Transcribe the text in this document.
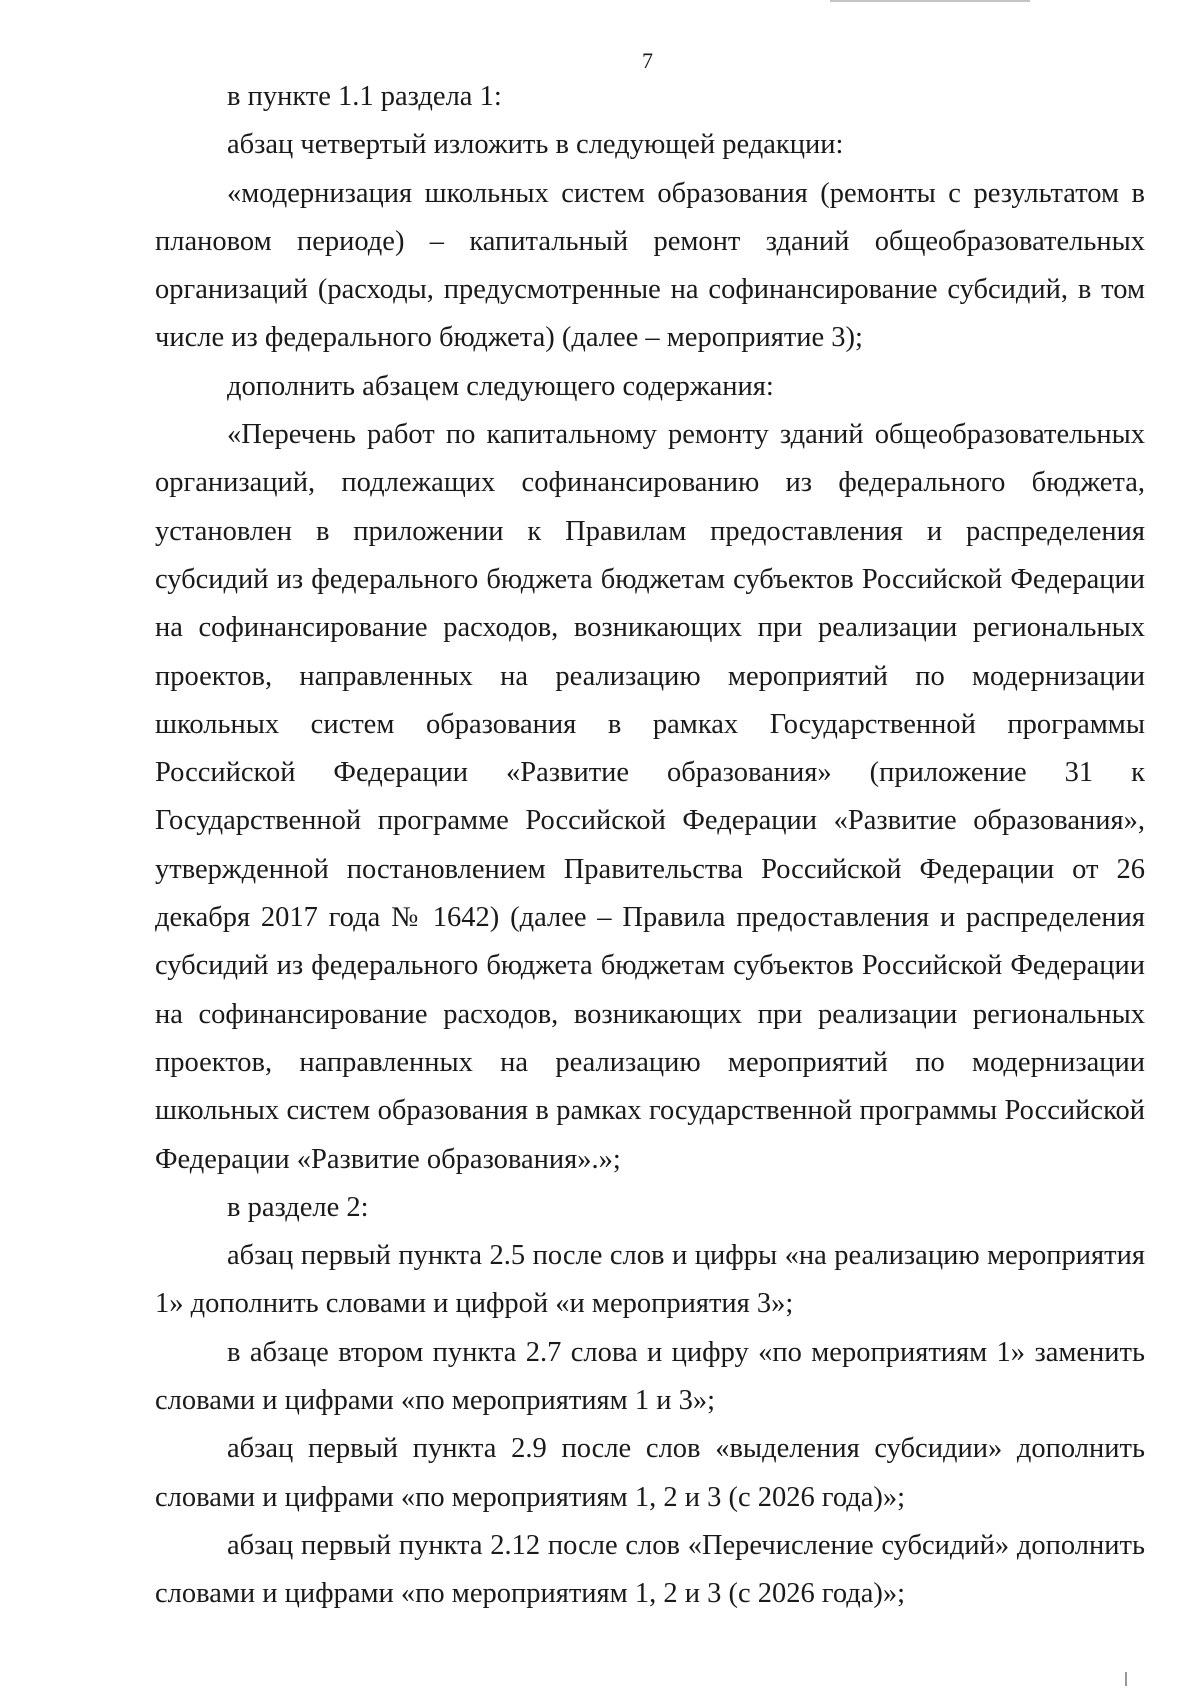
7

в пункте 1.1 раздела 1:

абзац четвертый изложить в следующей редакции:

«модернизация школьных систем образования (ремонты с результатом в плановом периоде) – капитальный ремонт зданий общеобразовательных организаций (расходы, предусмотренные на софинансирование субсидий, в том числе из федерального бюджета) (далее – мероприятие 3);

дополнить абзацем следующего содержания:

«Перечень работ по капитальному ремонту зданий общеобразовательных организаций, подлежащих софинансированию из федерального бюджета, установлен в приложении к Правилам предоставления и распределения субсидий из федерального бюджета бюджетам субъектов Российской Федерации на софинансирование расходов, возникающих при реализации региональных проектов, направленных на реализацию мероприятий по модернизации школьных систем образования в рамках Государственной программы Российской Федерации «Развитие образования» (приложение 31 к Государственной программе Российской Федерации «Развитие образования», утвержденной постановлением Правительства Российской Федерации от 26 декабря 2017 года № 1642) (далее – Правила предоставления и распределения субсидий из федерального бюджета бюджетам субъектов Российской Федерации на софинансирование расходов, возникающих при реализации региональных проектов, направленных на реализацию мероприятий по модернизации школьных систем образования в рамках государственной программы Российской Федерации «Развитие образования».»;

в разделе 2:

абзац первый пункта 2.5 после слов и цифры «на реализацию мероприятия 1» дополнить словами и цифрой «и мероприятия 3»;

в абзаце втором пункта 2.7 слова и цифру «по мероприятиям 1» заменить словами и цифрами «по мероприятиям 1 и 3»;

абзац первый пункта 2.9 после слов «выделения субсидии» дополнить словами и цифрами «по мероприятиям 1, 2 и 3 (с 2026 года)»;

абзац первый пункта 2.12 после слов «Перечисление субсидий» дополнить словами и цифрами «по мероприятиям 1, 2 и 3 (с 2026 года)»;
